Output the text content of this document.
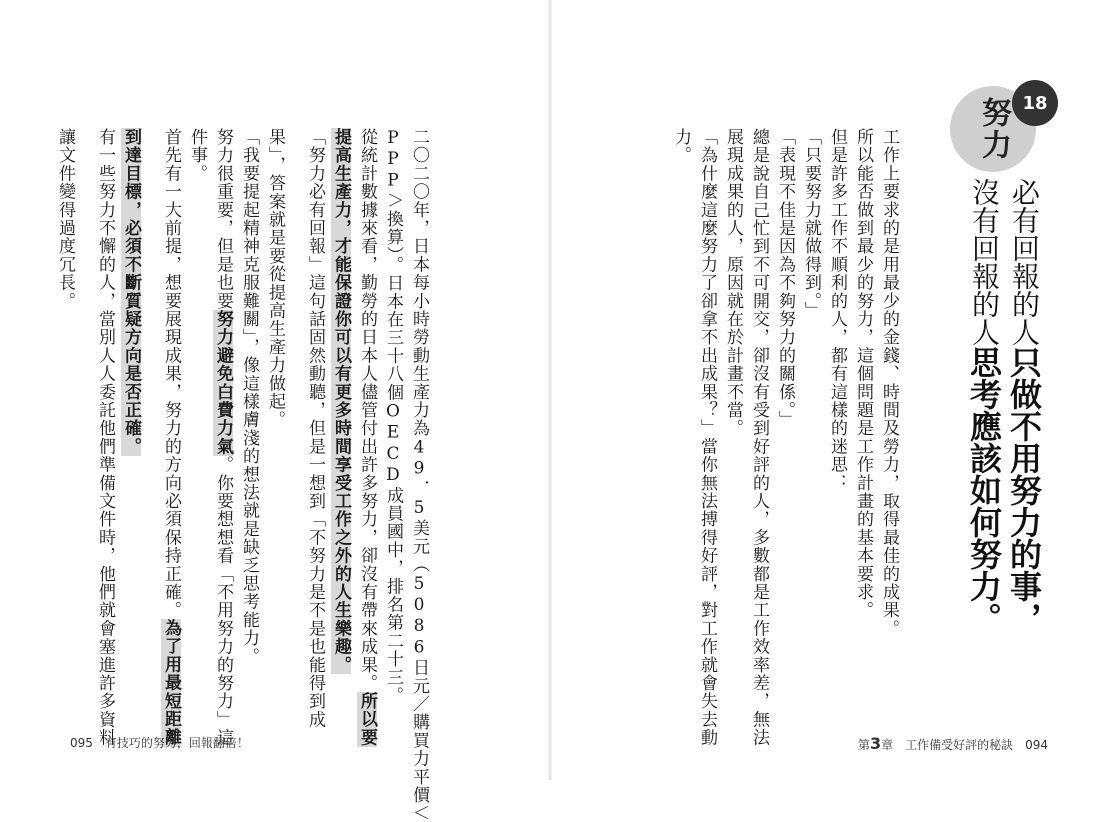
二〇二〇年，日本每小時勞動生產力為49．5美元（5086日元／購買力平價＜
PPP＞換算）。日本在三十八個OECD成員國中，排名第二十三。
從統計數據來看，勤勞的日本人儘管付出許多努力，卻沒有帶來成果。所以要
提高生產力，才能保證你可以有更多時間享受工作之外的人生樂趣。
「努力必有回報」這句話固然動聽，但是一想到「不努力是不是也能得到成
果」，答案就是要從提高生產力做起。
「我要提起精神克服難關」，像這樣膚淺的想法就是缺乏思考能力。
努力很重要，但是也要努力避免白費力氣。你要想想看「不用努力的努力」這
件事。
首先有一大前提，想要展現成果，努力的方向必須保持正確。為了用最短距離
到達目標，必須不斷質疑方向是否正確。
有一些努力不懈的人，當別人人委託他們準備文件時，他們就會塞進許多資料
讓文件變得過度冗長。
095　有技巧的努力，回報翻倍！
工作上要求的是用最少的金錢、時間及勞力，取得最佳的成果。
所以能否做到最少的努力，這個問題是工作計畫的基本要求。
但是許多工作不順利的人，都有這樣的迷思：
「只要努力就做得到。」
「表現不佳是因為不夠努力的關係。」
總是說自己忙到不可開交，卻沒有受到好評的人，多數都是工作效率差，無法
展現成果的人，原因就在於計畫不當。
「為什麼這麼努力了卻拿不出成果？」當你無法搏得好評，對工作就會失去動
力。	努力 18
必有回報的人只做不用努力的事，
沒有回報的人思考應該如何努力。
第3章　工作備受好評的秘訣　094
